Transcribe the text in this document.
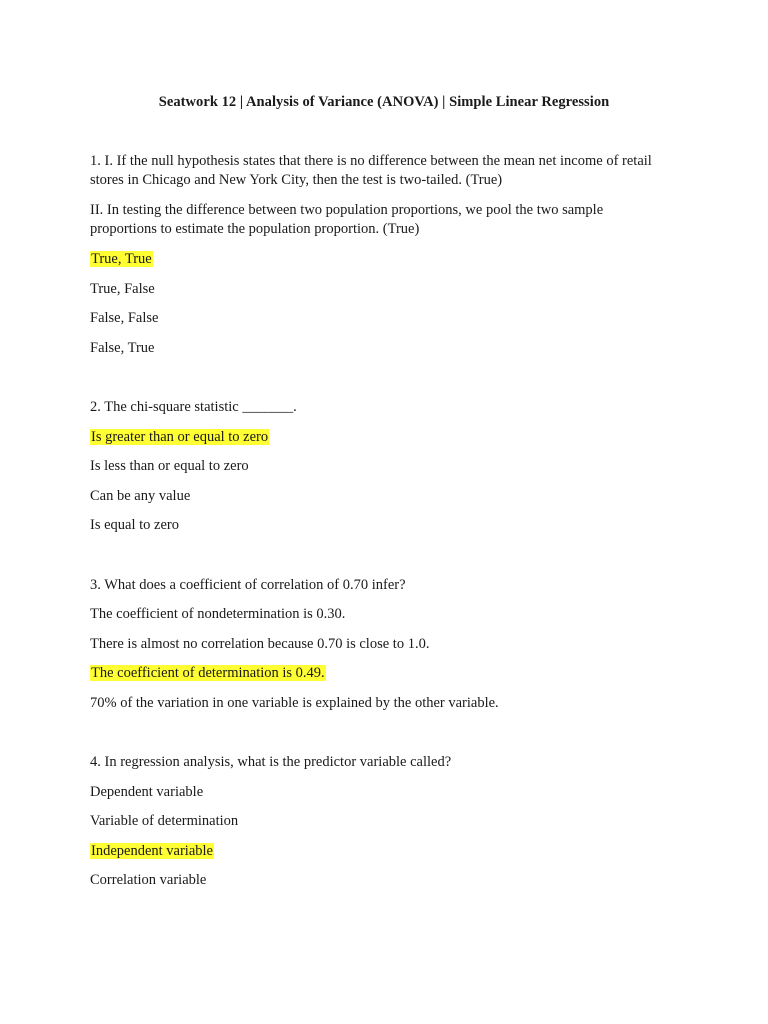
Seatwork 12 | Analysis of Variance (ANOVA) | Simple Linear Regression
1. I. If the null hypothesis states that there is no difference between the mean net income of retail
stores in Chicago and New York City, then the test is two-tailed. (True)
II. In testing the difference between two population proportions, we pool the two sample
proportions to estimate the population proportion. (True)
True, True
True, False
False, False
False, True
2. The chi-square statistic _______.
Is greater than or equal to zero
Is less than or equal to zero
Can be any value
Is equal to zero
3. What does a coefficient of correlation of 0.70 infer?
The coefficient of nondetermination is 0.30.
There is almost no correlation because 0.70 is close to 1.0.
The coefficient of determination is 0.49.
70% of the variation in one variable is explained by the other variable.
4. In regression analysis, what is the predictor variable called?
Dependent variable
Variable of determination
Independent variable
Correlation variable
